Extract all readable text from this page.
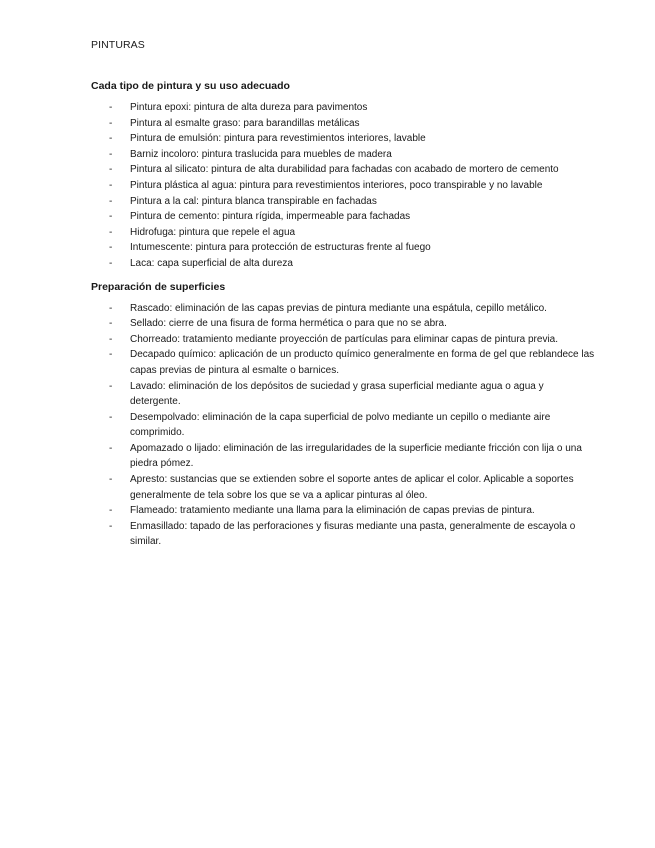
PINTURAS
Cada tipo de pintura y su uso adecuado
- Pintura epoxi: pintura de alta dureza para pavimentos
- Pintura al esmalte graso: para barandillas metálicas
- Pintura de emulsión: pintura para revestimientos interiores, lavable
- Barniz incoloro: pintura traslucida para muebles de madera
- Pintura al silicato: pintura de alta durabilidad para fachadas con acabado de mortero de cemento
- Pintura plástica al agua: pintura para revestimientos interiores, poco transpirable y no lavable
- Pintura a la cal: pintura blanca transpirable en fachadas
- Pintura de cemento: pintura rígida, impermeable para fachadas
- Hidrofuga: pintura que repele el agua
- Intumescente: pintura para protección de estructuras frente al fuego
- Laca: capa superficial de alta dureza
Preparación de superficies
- Rascado: eliminación de las capas previas de pintura mediante una espátula, cepillo metálico.
- Sellado: cierre de una fisura de forma hermética o para que no se abra.
- Chorreado: tratamiento mediante proyección de partículas para eliminar capas de pintura previa.
- Decapado químico: aplicación de un producto químico generalmente en forma de gel que reblandece las capas previas de pintura al esmalte o barnices.
- Lavado: eliminación de los depósitos de suciedad y grasa superficial mediante agua o agua y detergente.
- Desempolvado: eliminación de la capa superficial de polvo mediante un cepillo o mediante aire comprimido.
- Apomazado o lijado: eliminación de las irregularidades de la superficie mediante fricción con lija o una piedra pómez.
- Apresto: sustancias que se extienden sobre el soporte antes de aplicar el color. Aplicable a soportes generalmente de tela sobre los que se va a aplicar pinturas al óleo.
- Flameado: tratamiento mediante una llama para la eliminación de capas previas de pintura.
- Enmasillado: tapado de las perforaciones y fisuras mediante una pasta, generalmente de escayola o similar.
